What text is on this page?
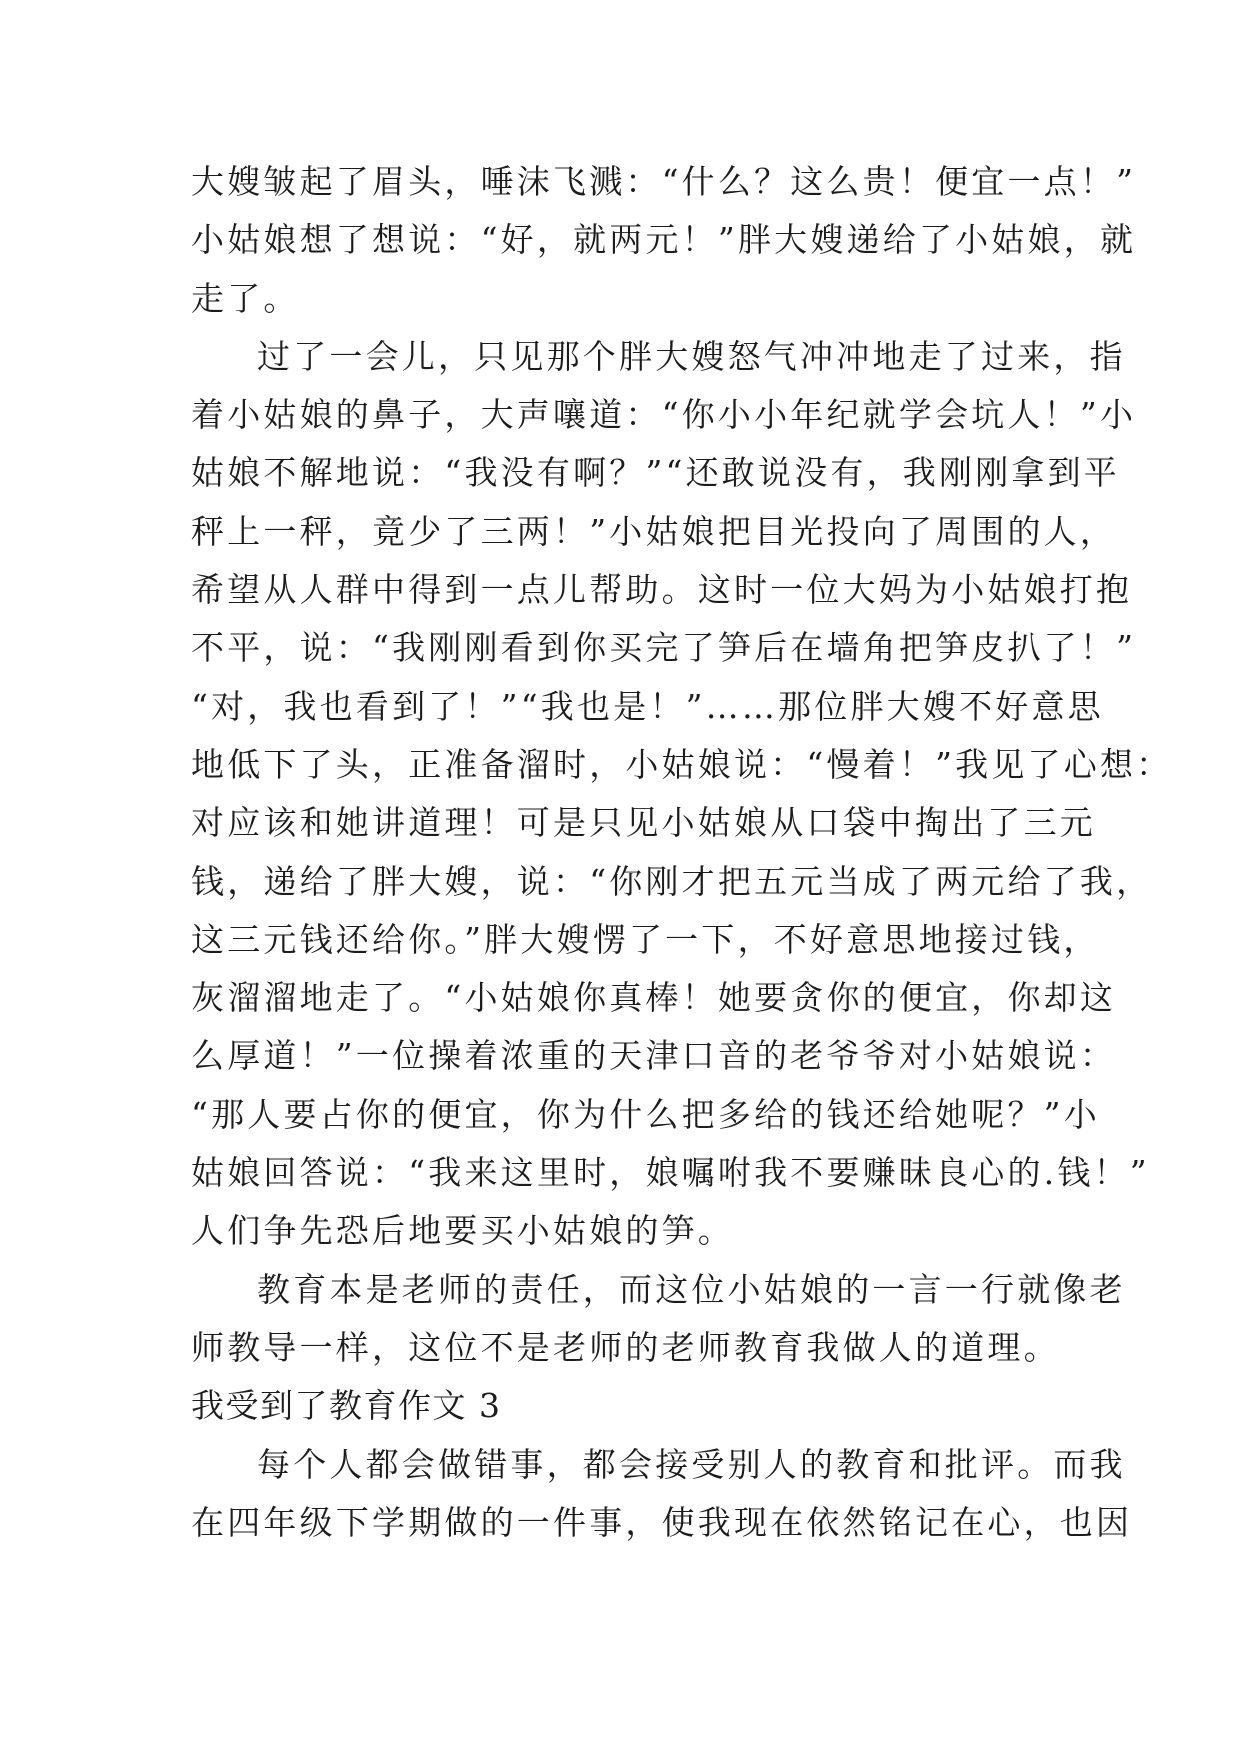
大嫂皱起了眉头，唾沫飞溅：“什么？这么贵！便宜一点！”
小姑娘想了想说：“好，就两元！”胖大嫂递给了小姑娘，就
走了。
过了一会儿，只见那个胖大嫂怒气冲冲地走了过来，指
着小姑娘的鼻子，大声嚷道：“你小小年纪就学会坑人！”小
姑娘不解地说：“我没有啊？”“还敢说没有，我刚刚拿到平
秤上一秤，竟少了三两！”小姑娘把目光投向了周围的人，
希望从人群中得到一点儿帮助。这时一位大妈为小姑娘打抱
不平，说：“我刚刚看到你买完了笋后在墙角把笋皮扒了！”
“对，我也看到了！”“我也是！”……那位胖大嫂不好意思
地低下了头，正准备溜时，小姑娘说：“慢着！”我见了心想：
对应该和她讲道理！可是只见小姑娘从口袋中掏出了三元
钱，递给了胖大嫂，说：“你刚才把五元当成了两元给了我，
这三元钱还给你。”胖大嫂愣了一下，不好意思地接过钱，
灰溜溜地走了。“小姑娘你真棒！她要贪你的便宜，你却这
么厚道！”一位操着浓重的天津口音的老爷爷对小姑娘说：
“那人要占你的便宜，你为什么把多给的钱还给她呢？”小
姑娘回答说：“我来这里时，娘嘱咐我不要赚昧良心的.钱！”
人们争先恐后地要买小姑娘的笋。
教育本是老师的责任，而这位小姑娘的一言一行就像老
师教导一样，这位不是老师的老师教育我做人的道理。
我受到了教育作文 3
每个人都会做错事，都会接受别人的教育和批评。而我
在四年级下学期做的一件事，使我现在依然铭记在心，也因
